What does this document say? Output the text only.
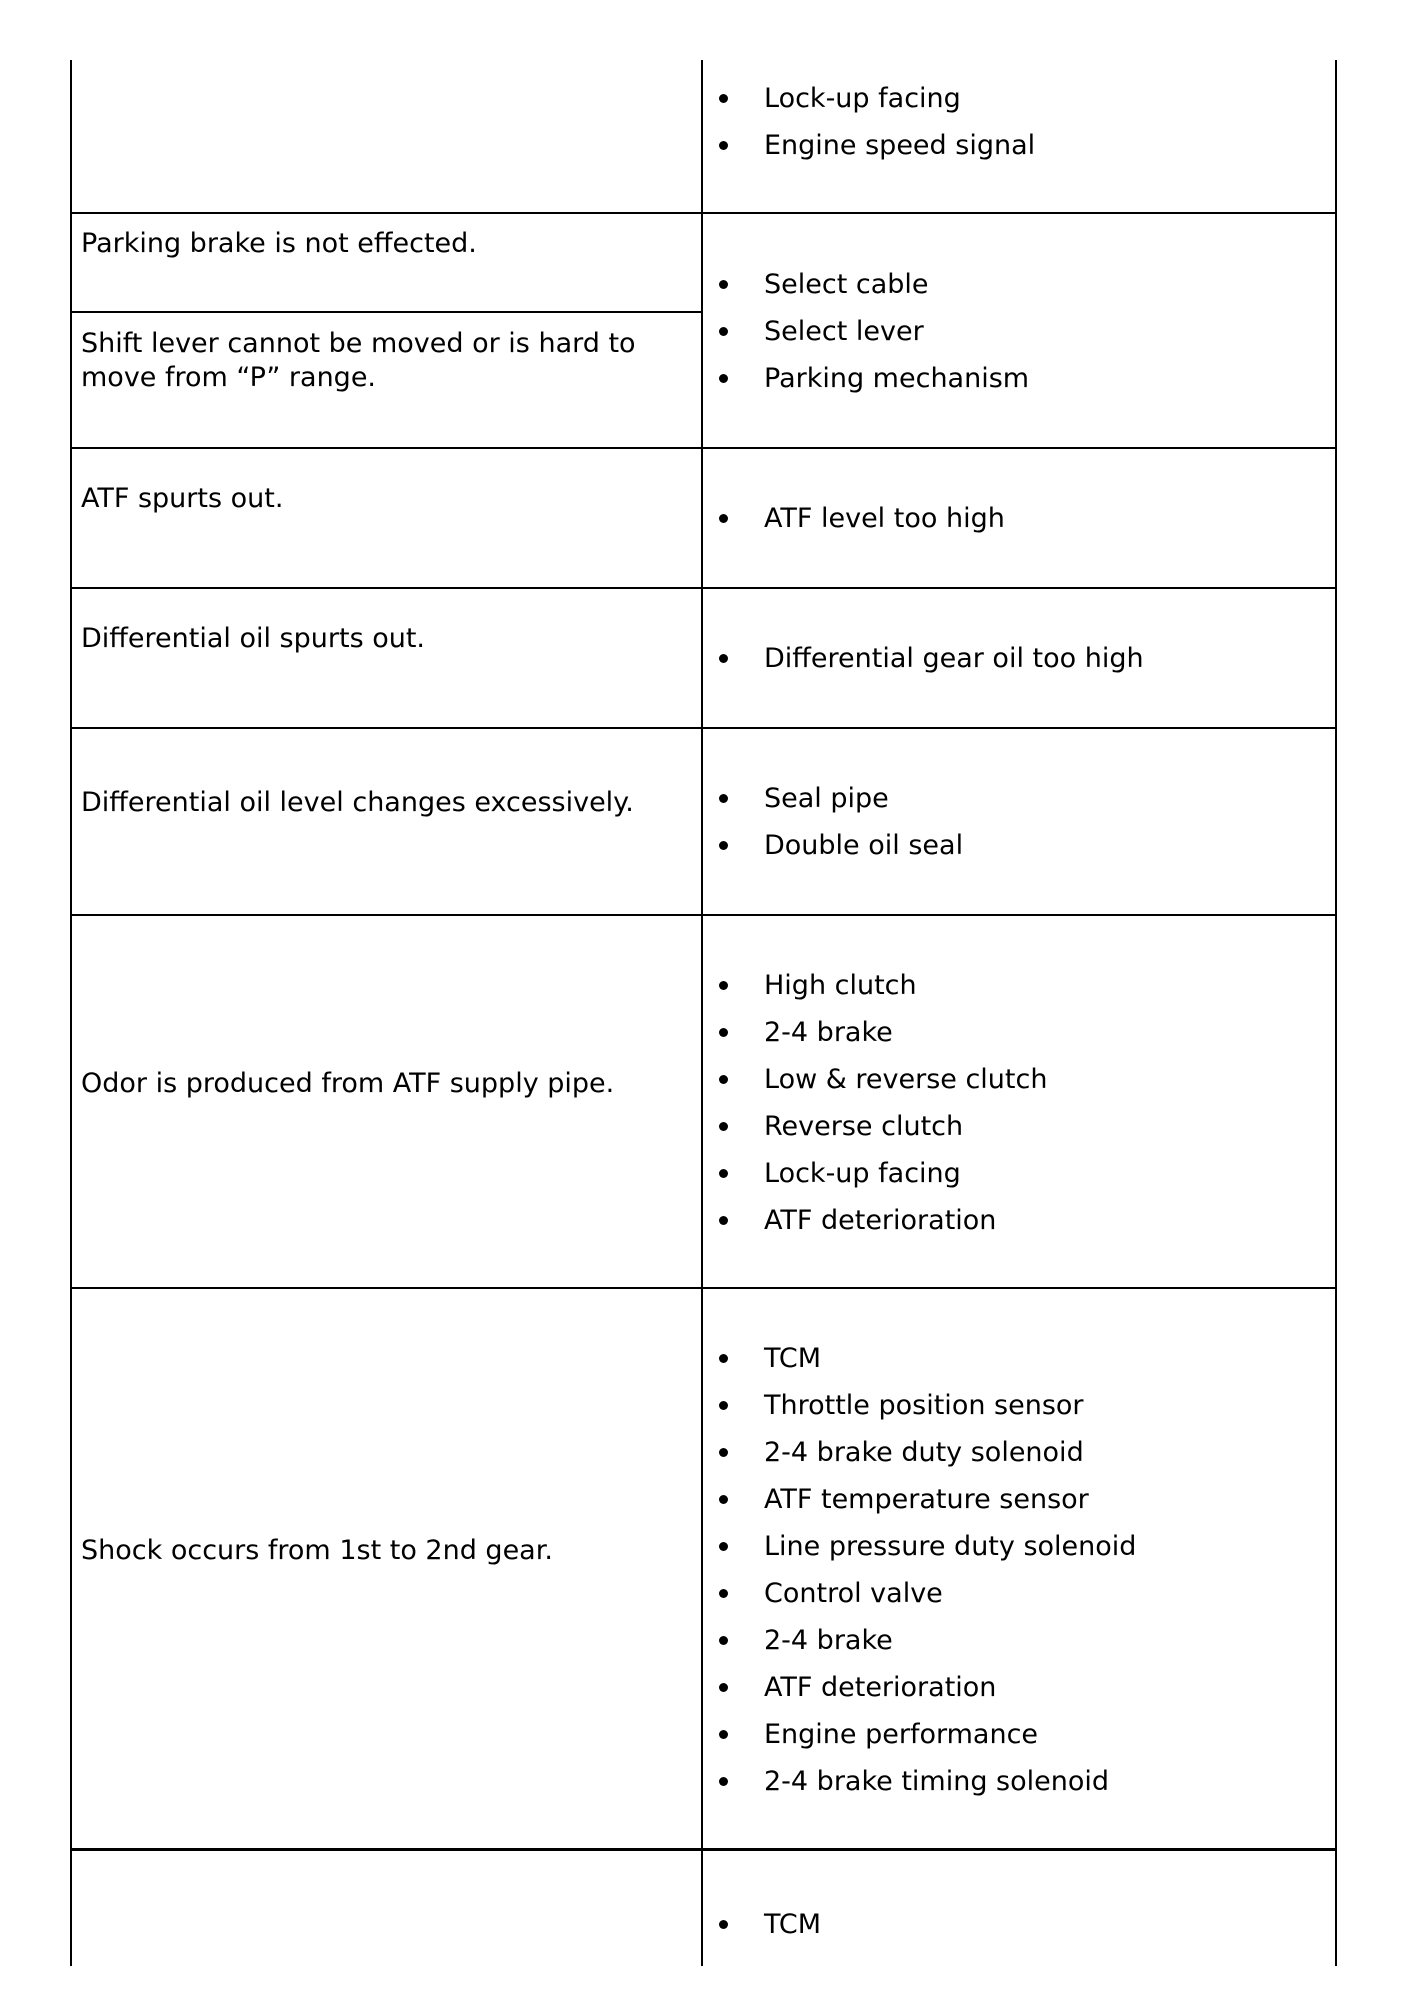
Lock-up facing
Engine speed signal

Parking brake is not effected.

Shift lever cannot be moved or is hard to move from “P” range.

Select cable
Select lever
Parking mechanism

ATF spurts out.

ATF level too high

Differential oil spurts out.

Differential gear oil too high

Differential oil level changes excessively.	Seal pipe
Double oil seal

Odor is produced from ATF supply pipe.

High clutch
2-4 brake
Low & reverse clutch
Reverse clutch
Lock-up facing
ATF deterioration

Shock occurs from 1st to 2nd gear.

TCM
Throttle position sensor
2-4 brake duty solenoid
ATF temperature sensor
Line pressure duty solenoid
Control valve
2-4 brake
ATF deterioration
Engine performance
2-4 brake timing solenoid
TCM
